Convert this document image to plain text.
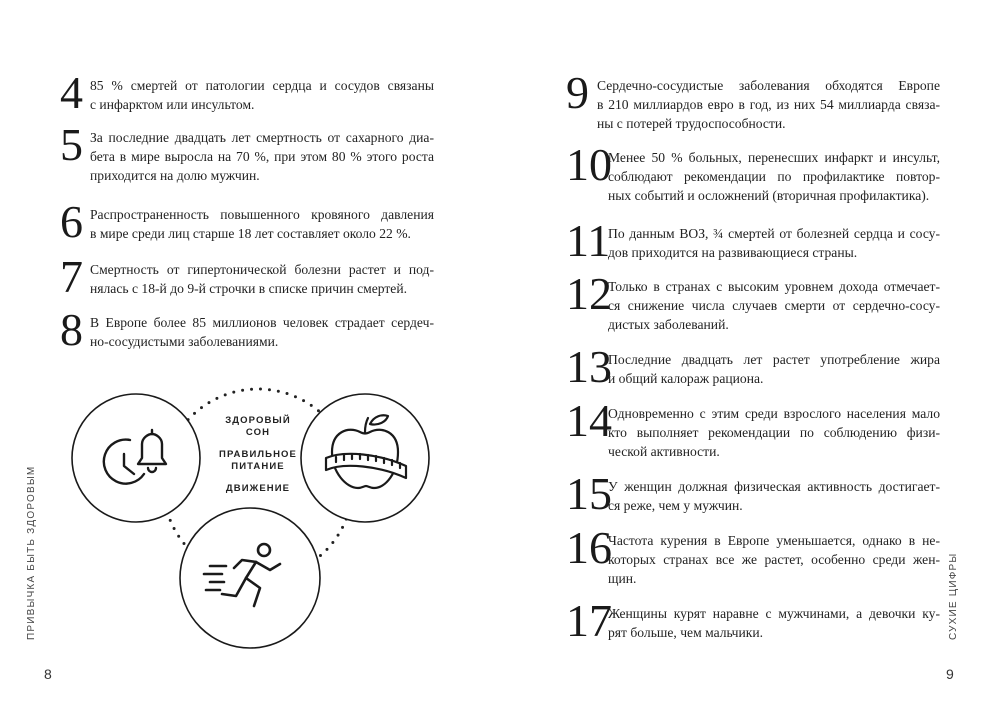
ПРИВЫЧКА БЫТЬ ЗДОРОВЫМ
8
4 85 % смертей от патологии сердца и сосудов связаны
с инфарктом или инсультом.
5 За последние двадцать лет смертность от сахарного диа-
бета в мире выросла на 70 %, при этом 80 % этого роста
приходится на долю мужчин.
6 Распространенность повышенного кровяного давления
в мире среди лиц старше 18 лет составляет около 22 %.
7 Смертность от гипертонической болезни растет и под-
нялась с 18-й до 9-й строчки в списке причин смертей.
8 В Европе более 85 миллионов человек страдает сердеч-
но-сосудистыми заболеваниями.
ЗДОРОВЫЙ
СОН
ПРАВИЛЬНОЕ
ПИТАНИЕ
ДВИЖЕНИЕ
СУХИЕ ЦИФРЫ
9
9 Сердечно-сосудистые заболевания обходятся Европе
в 210 миллиардов евро в год, из них 54 миллиарда связа-
ны с потерей трудоспособности.
10
Менее 50 % больных, перенесших инфаркт и инсульт,
соблюдают рекомендации по профилактике повтор-
ных событий и осложнений (вторичная профилактика).
11
По данным ВОЗ, ¾ смертей от болезней сердца и сосу-
дов приходится на развивающиеся страны.
12
Только в странах с высоким уровнем дохода отмечает-
ся снижение числа случаев смерти от сердечно-сосу-
дистых заболеваний.
13
Последние двадцать лет растет употребление жира
и общий калораж рациона.
14
Одновременно с этим среди взрослого населения мало
кто выполняет рекомендации по соблюдению физи-
ческой активности.
15
У женщин должная физическая активность достигает-
ся реже, чем у мужчин.
16
Частота курения в Европе уменьшается, однако в не-
которых странах все же растет, особенно среди жен-
щин.
17
Женщины курят наравне с мужчинами, а девочки ку-
рят больше, чем мальчики.
